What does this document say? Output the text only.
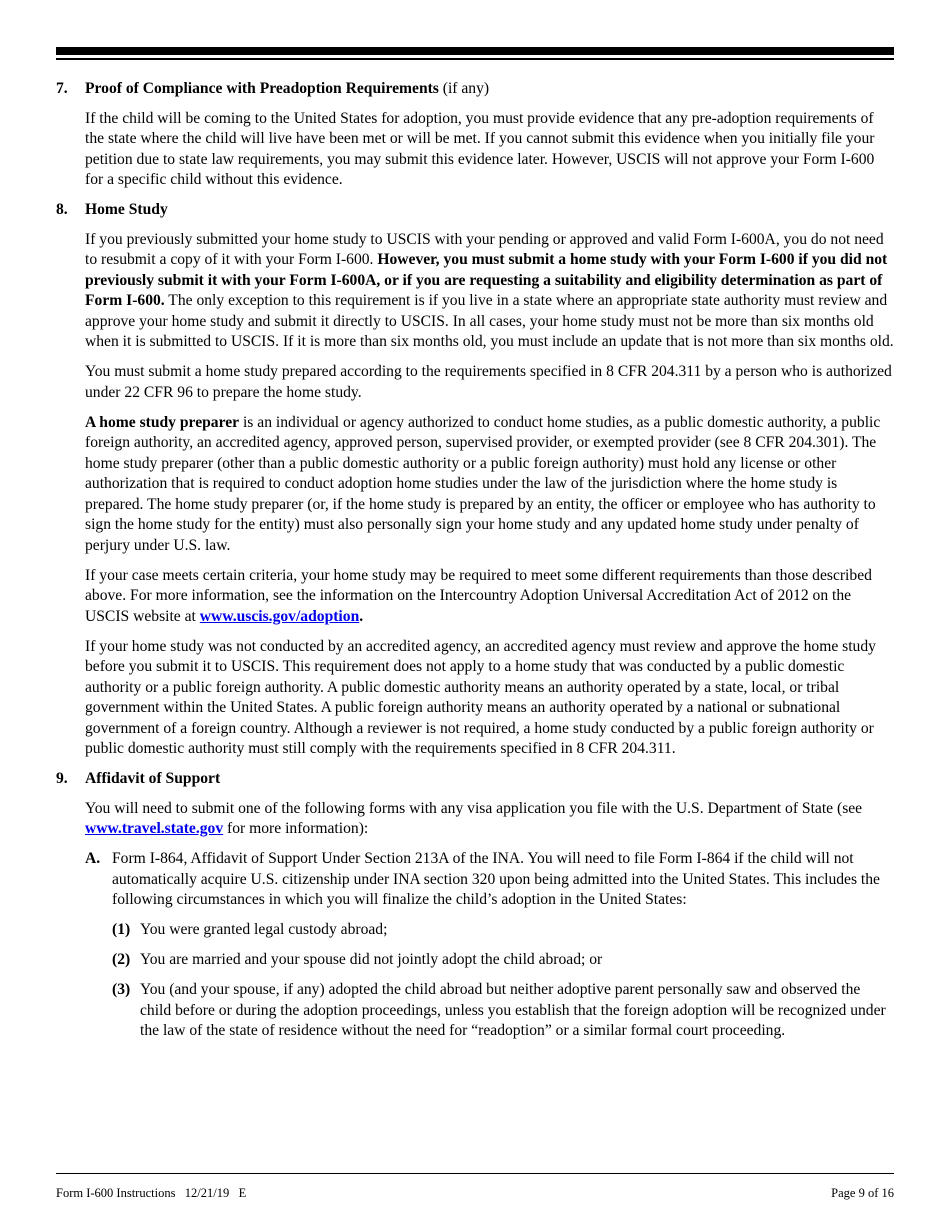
7.	Proof of Compliance with Preadoption Requirements (if any)

If the child will be coming to the United States for adoption, you must provide evidence that any pre-adoption requirements of the state where the child will live have been met or will be met. If you cannot submit this evidence when you initially file your petition due to state law requirements, you may submit this evidence later. However, USCIS will not approve your Form I-600 for a specific child without this evidence.

8.	Home Study

If you previously submitted your home study to USCIS with your pending or approved and valid Form I-600A, you do not need to resubmit a copy of it with your Form I-600. However, you must submit a home study with your Form I-600 if you did not previously submit it with your Form I-600A, or if you are requesting a suitability and eligibility determination as part of Form I-600. The only exception to this requirement is if you live in a state where an appropriate state authority must review and approve your home study and submit it directly to USCIS. In all cases, your home study must not be more than six months old when it is submitted to USCIS. If it is more than six months old, you must include an update that is not more than six months old.

You must submit a home study prepared according to the requirements specified in 8 CFR 204.311 by a person who is authorized under 22 CFR 96 to prepare the home study.

A home study preparer is an individual or agency authorized to conduct home studies, as a public domestic authority, a public foreign authority, an accredited agency, approved person, supervised provider, or exempted provider (see 8 CFR 204.301). The home study preparer (other than a public domestic authority or a public foreign authority) must hold any license or other authorization that is required to conduct adoption home studies under the law of the jurisdiction where the home study is prepared. The home study preparer (or, if the home study is prepared by an entity, the officer or employee who has authority to sign the home study for the entity) must also personally sign your home study and any updated home study under penalty of perjury under U.S. law.

If your case meets certain criteria, your home study may be required to meet some different requirements than those described above. For more information, see the information on the Intercountry Adoption Universal Accreditation Act of 2012 on the USCIS website at www.uscis.gov/adoption.

If your home study was not conducted by an accredited agency, an accredited agency must review and approve the home study before you submit it to USCIS. This requirement does not apply to a home study that was conducted by a public domestic authority or a public foreign authority. A public domestic authority means an authority operated by a state, local, or tribal government within the United States. A public foreign authority means an authority operated by a national or subnational government of a foreign country. Although a reviewer is not required, a home study conducted by a public foreign authority or public domestic authority must still comply with the requirements specified in 8 CFR 204.311.

9.	Affidavit of Support

You will need to submit one of the following forms with any visa application you file with the U.S. Department of State (see www.travel.state.gov for more information):

A. Form I-864, Affidavit of Support Under Section 213A of the INA. You will need to file Form I-864 if the child will not automatically acquire U.S. citizenship under INA section 320 upon being admitted into the United States. This includes the following circumstances in which you will finalize the child’s adoption in the United States:
(1) You were granted legal custody abroad;
(2) You are married and your spouse did not jointly adopt the child abroad; or
(3) You (and your spouse, if any) adopted the child abroad but neither adoptive parent personally saw and observed the child before or during the adoption proceedings, unless you establish that the foreign adoption will be recognized under the law of the state of residence without the need for “readoption” or a similar formal court proceeding.
Form I-600 Instructions   12/21/19   E	Page 9 of 16
